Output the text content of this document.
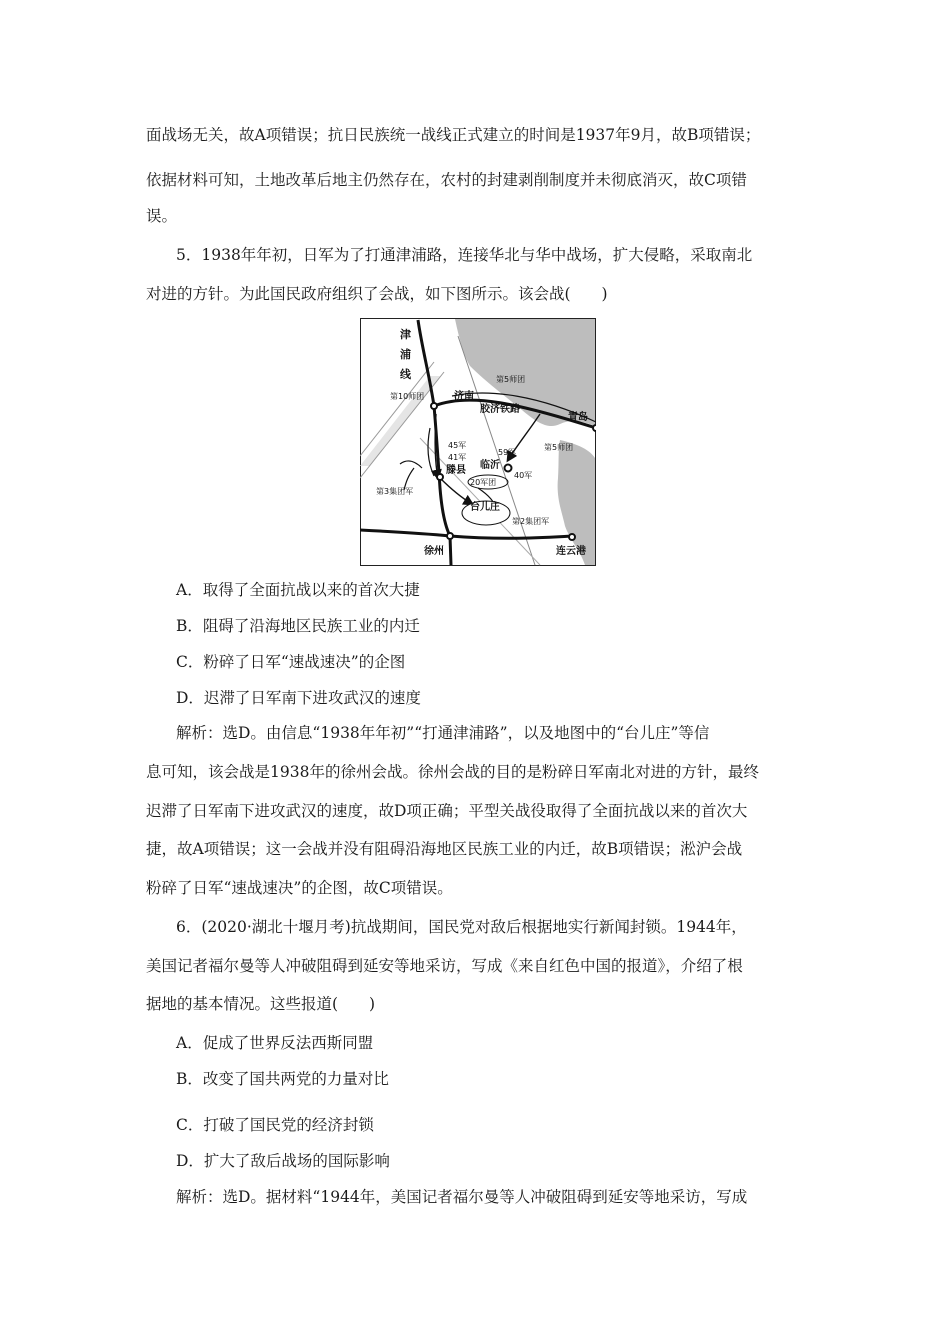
面战场无关，故A项错误；抗日民族统一战线正式建立的时间是1937年9月，故B项错误；
依据材料可知，土地改革后地主仍然存在，农村的封建剥削制度并未彻底消灭，故C项错
误。
5．1938年年初，日军为了打通津浦路，连接华北与华中战场，扩大侵略，采取南北
对进的方针。为此国民政府组织了会战，如下图所示。该会战(　　)
津
浦
线
第10师团	济南
第5师团
胶济铁路
青岛
45军
41军
滕县
59军
临沂
40军
第5师团
20军团
第3集团军
台儿庄
第2集团军
徐州	连云港
A．取得了全面抗战以来的首次大捷
B．阻碍了沿海地区民族工业的内迁
C．粉碎了日军“速战速决”的企图
D．迟滞了日军南下进攻武汉的速度
解析：选D。由信息“1938年年初”“打通津浦路”，以及地图中的“台儿庄”等信
息可知，该会战是1938年的徐州会战。徐州会战的目的是粉碎日军南北对进的方针，最终
迟滞了日军南下进攻武汉的速度，故D项正确；平型关战役取得了全面抗战以来的首次大
捷，故A项错误；这一会战并没有阻碍沿海地区民族工业的内迁，故B项错误；淞沪会战
粉碎了日军“速战速决”的企图，故C项错误。
6．(2020·湖北十堰月考)抗战期间，国民党对敌后根据地实行新闻封锁。1944年，
美国记者福尔曼等人冲破阻碍到延安等地采访，写成《来自红色中国的报道》，介绍了根
据地的基本情况。这些报道(　　)
A．促成了世界反法西斯同盟
B．改变了国共两党的力量对比
C．打破了国民党的经济封锁
D．扩大了敌后战场的国际影响
解析：选D。据材料“1944年，美国记者福尔曼等人冲破阻碍到延安等地采访，写成
